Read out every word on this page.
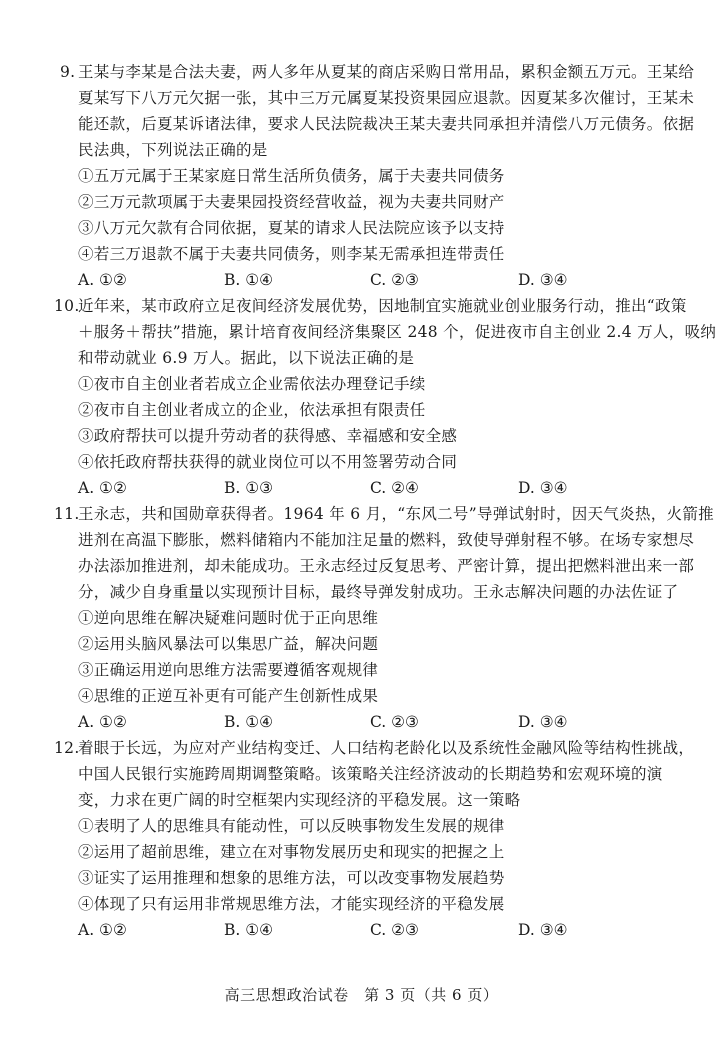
9. 王某与李某是合法夫妻，两人多年从夏某的商店采购日常用品，累积金额五万元。王某给
夏某写下八万元欠据一张，其中三万元属夏某投资果园应退款。因夏某多次催讨，王某未
能还款，后夏某诉诸法律，要求人民法院裁决王某夫妻共同承担并清偿八万元债务。依据
民法典，下列说法正确的是
①五万元属于王某家庭日常生活所负债务，属于夫妻共同债务
②三万元款项属于夫妻果园投资经营收益，视为夫妻共同财产
③八万元欠款有合同依据，夏某的请求人民法院应该予以支持
④若三万退款不属于夫妻共同债务，则李某无需承担连带责任
A. ①②	B. ①④	C. ②③	D. ③④
10.
近年来，某市政府立足夜间经济发展优势，因地制宜实施就业创业服务行动，推出“政策
＋服务＋帮扶”措施，累计培育夜间经济集聚区 248 个，促进夜市自主创业 2.4 万人，吸纳
和带动就业 6.9 万人。据此，以下说法正确的是
①夜市自主创业者若成立企业需依法办理登记手续
②夜市自主创业者成立的企业，依法承担有限责任
③政府帮扶可以提升劳动者的获得感、幸福感和安全感
④依托政府帮扶获得的就业岗位可以不用签署劳动合同
A. ①②	B. ①③	C. ②④	D. ③④
11.
王永志，共和国勋章获得者。1964 年 6 月，“东风二号”导弹试射时，因天气炎热，火箭推
进剂在高温下膨胀，燃料储箱内不能加注足量的燃料，致使导弹射程不够。在场专家想尽
办法添加推进剂，却未能成功。王永志经过反复思考、严密计算，提出把燃料泄出来一部
分，减少自身重量以实现预计目标，最终导弹发射成功。王永志解决问题的办法佐证了
①逆向思维在解决疑难问题时优于正向思维
②运用头脑风暴法可以集思广益，解决问题
③正确运用逆向思维方法需要遵循客观规律
④思维的正逆互补更有可能产生创新性成果
A. ①②	B. ①④	C. ②③	D. ③④
12.
着眼于长远，为应对产业结构变迁、人口结构老龄化以及系统性金融风险等结构性挑战，
中国人民银行实施跨周期调整策略。该策略关注经济波动的长期趋势和宏观环境的演
变，力求在更广阔的时空框架内实现经济的平稳发展。这一策略
①表明了人的思维具有能动性，可以反映事物发生发展的规律
②运用了超前思维，建立在对事物发展历史和现实的把握之上
③证实了运用推理和想象的思维方法，可以改变事物发展趋势
④体现了只有运用非常规思维方法，才能实现经济的平稳发展
A. ①②	B. ①④	C. ②③	D. ③④
高三思想政治试卷　第 3 页（共 6 页）
